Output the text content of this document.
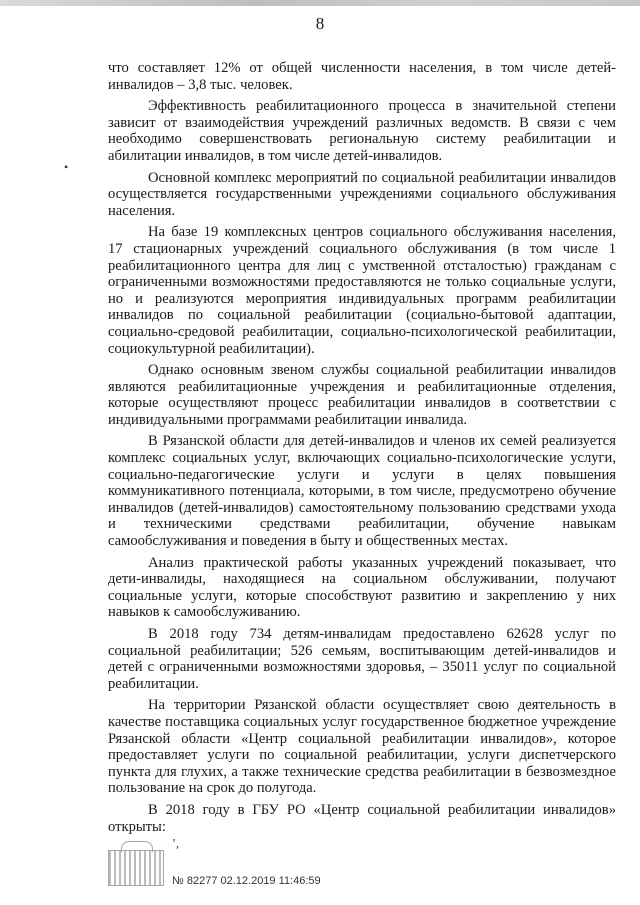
8

что составляет 12% от общей численности населения, в том числе детей-инвалидов – 3,8 тыс. человек.

Эффективность реабилитационного процесса в значительной степени зависит от взаимодействия учреждений различных ведомств. В связи с чем необходимо совершенствовать региональную систему реабилитации и абилитации инвалидов, в том числе детей-инвалидов.

Основной комплекс мероприятий по социальной реабилитации инвалидов осуществляется государственными учреждениями социального обслуживания населения.

На базе 19 комплексных центров социального обслуживания населения, 17 стационарных учреждений социального обслуживания (в том числе 1 реабилитационного центра для лиц с умственной отсталостью) гражданам с ограниченными возможностями предоставляются не только социальные услуги, но и реализуются мероприятия индивидуальных программ реабилитации инвалидов по социальной реабилитации (социально-бытовой адаптации, социально-средовой реабилитации, социально-психологической реабилитации, социокультурной реабилитации).

Однако основным звеном службы социальной реабилитации инвалидов являются реабилитационные учреждения и реабилитационные отделения, которые осуществляют процесс реабилитации инвалидов в соответствии с индивидуальными программами реабилитации инвалида.

В Рязанской области для детей-инвалидов и членов их семей реализуется комплекс социальных услуг, включающих социально-психологические услуги, социально-педагогические услуги и услуги в целях повышения коммуникативного потенциала, которыми, в том числе, предусмотрено обучение инвалидов (детей-инвалидов) самостоятельному пользованию средствами ухода и техническими средствами реабилитации, обучение навыкам самообслуживания и поведения в быту и общественных местах.

Анализ практической работы указанных учреждений показывает, что дети-инвалиды, находящиеся на социальном обслуживании, получают социальные услуги, которые способствуют развитию и закреплению у них навыков к самообслуживанию.

В 2018 году 734 детям-инвалидам предоставлено 62628 услуг по социальной реабилитации; 526 семьям, воспитывающим детей-инвалидов и детей с ограниченными возможностями здоровья, – 35011 услуг по социальной реабилитации.

На территории Рязанской области осуществляет свою деятельность в качестве поставщика социальных услуг государственное бюджетное учреждение Рязанской области «Центр социальной реабилитации инвалидов», которое предоставляет услуги по социальной реабилитации, услуги диспетчерского пункта для глухих, а также технические средства реабилитации в безвозмездное пользование на срок до полугода.

В 2018 году в ГБУ РО «Центр социальной реабилитации инвалидов» открыты:

•
ʼ,
№ 82277 02.12.2019 11:46:59
